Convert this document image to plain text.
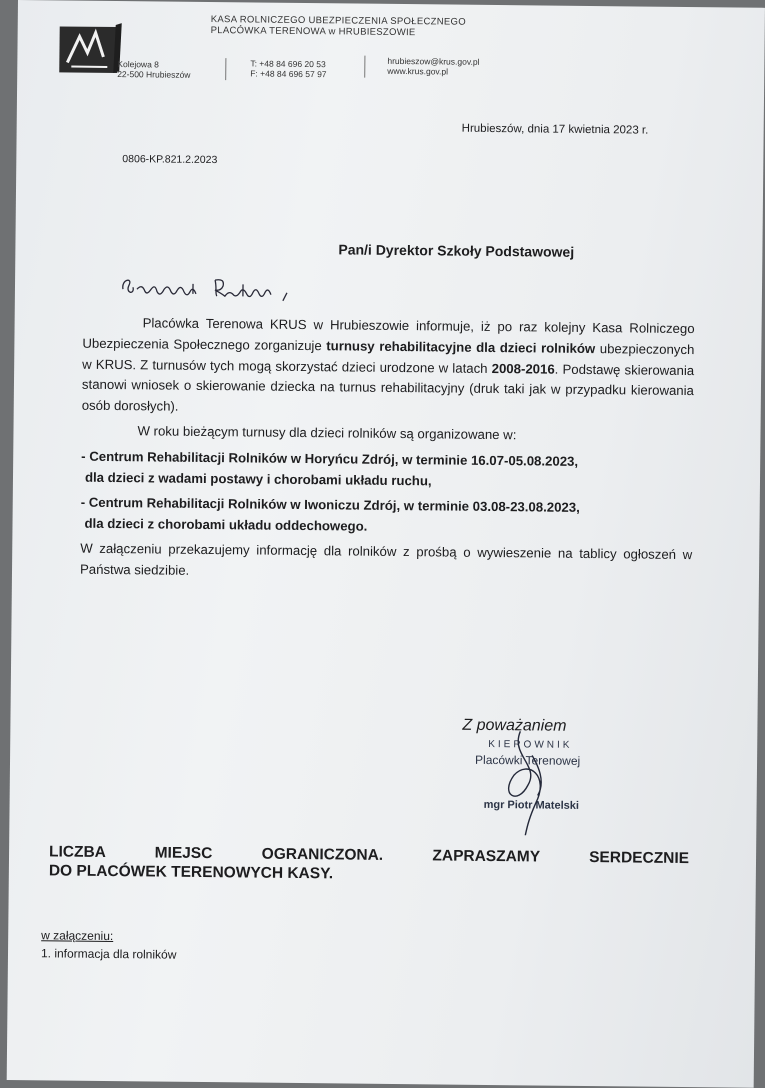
KASA ROLNICZEGO UBEZPIECZENIA SPOŁECZNEGO
PLACÓWKA TERENOWA w HRUBIESZOWIE
Kolejowa 8
22-500 Hrubieszów
T: +48 84 696 20 53
F: +48 84 696 57 97
hrubieszow@krus.gov.pl
www.krus.gov.pl
Hrubieszów, dnia 17 kwietnia 2023 r.
0806-KP.821.2.2023
Pan/i Dyrektor Szkoły Podstawowej

Placówka Terenowa KRUS w Hrubieszowie informuje, iż po raz kolejny Kasa Rolniczego Ubezpieczenia Społecznego zorganizuje turnusy rehabilitacyjne dla dzieci rolników ubezpieczonych w KRUS. Z turnusów tych mogą skorzystać dzieci urodzone w latach 2008-2016. Podstawę skierowania stanowi wniosek o skierowanie dziecka na turnus rehabilitacyjny (druk taki jak w przypadku kierowania osób dorosłych).

W roku bieżącym turnusy dla dzieci rolników są organizowane w:

- Centrum Rehabilitacji Rolników w Horyńcu Zdrój, w terminie 16.07-05.08.2023,
dla dzieci z wadami postawy i chorobami układu ruchu,

- Centrum Rehabilitacji Rolników w Iwoniczu Zdrój, w terminie 03.08-23.08.2023,
dla dzieci z chorobami układu oddechowego.

W załączeniu przekazujemy informację dla rolników z prośbą o wywieszenie na tablicy ogłoszeń w Państwa siedzibie.

Z poważaniem
KIEROWNIK
Placówki Terenowej
mgr Piotr Matelski
LICZBA MIEJSC OGRANICZONA. ZAPRASZAMY SERDECZNIE
DO PLACÓWEK TERENOWYCH KASY.
w załączeniu:
1. informacja dla rolników
